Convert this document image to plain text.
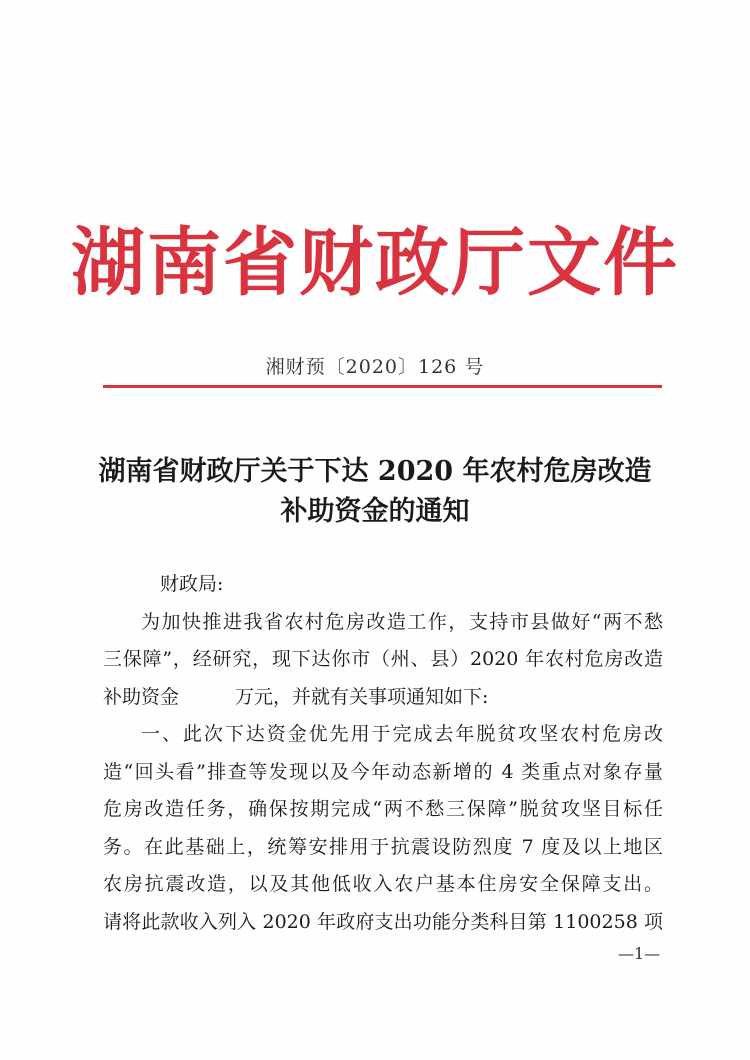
湖南省财政厅文件
湘财预〔2020〕126 号
湖南省财政厅关于下达 2020 年农村危房改造
补助资金的通知
财政局:
为加快推进我省农村危房改造工作，支持市县做好“两不愁
三保障”，经研究，现下达你市（州、县）2020 年农村危房改造
补助资金	万元，并就有关事项通知如下:
一、此次下达资金优先用于完成去年脱贫攻坚农村危房改
造“回头看”排查等发现以及今年动态新增的 4 类重点对象存量
危房改造任务，确保按期完成“两不愁三保障”脱贫攻坚目标任
务。在此基础上，统筹安排用于抗震设防烈度 7 度及以上地区
农房抗震改造，以及其他低收入农户基本住房安全保障支出。
请将此款收入列入 2020 年政府支出功能分类科目第 1100258 项
—1—
